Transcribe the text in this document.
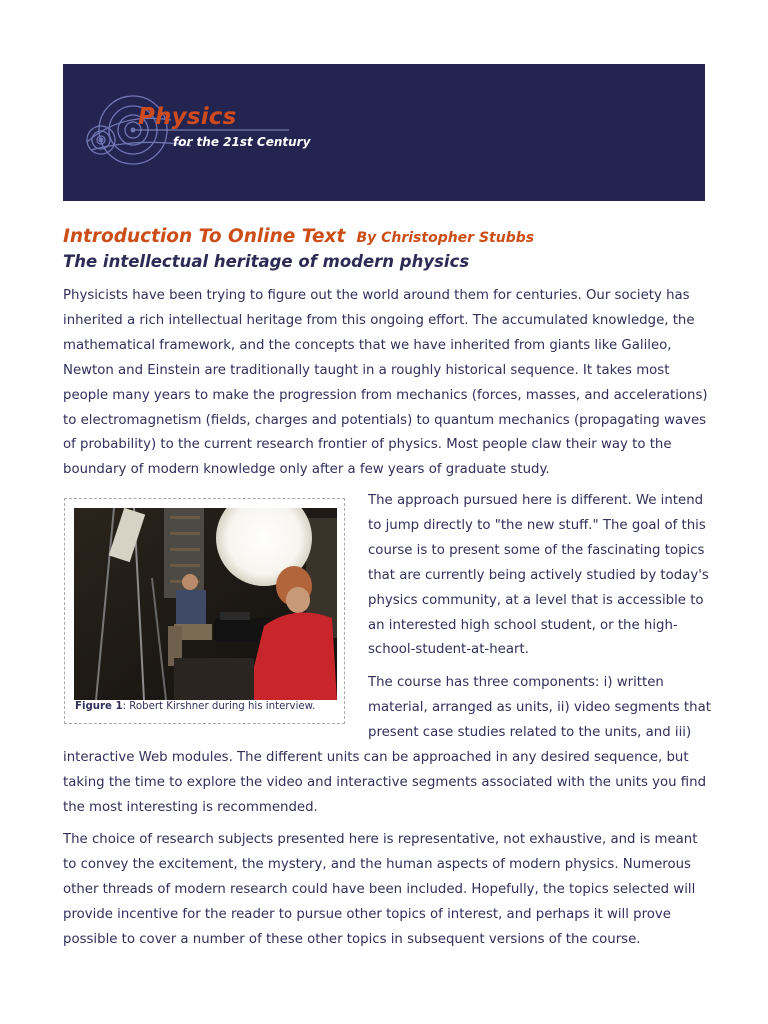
Physics
for the 21st Century
Introduction To Online Text By Christopher Stubbs
The intellectual heritage of modern physics

Physicists have been trying to figure out the world around them for centuries. Our society has inherited a rich intellectual heritage from this ongoing effort. The accumulated knowledge, the mathematical framework, and the concepts that we have inherited from giants like Galileo, Newton and Einstein are traditionally taught in a roughly historical sequence. It takes most people many years to make the progression from mechanics (forces, masses, and accelerations) to electromagnetism (fields, charges and potentials) to quantum mechanics (propagating waves of probability) to the current research frontier of physics. Most people claw their way to the boundary of modern knowledge only after a few years of graduate study.

Figure 1: Robert Kirshner during his interview.

The approach pursued here is different. We intend to jump directly to "the new stuff." The goal of this course is to present some of the fascinating topics that are currently being actively studied by today's physics community, at a level that is accessible to an interested high school student, or the high-school-student-at-heart.

The course has three components: i) written material, arranged as units, ii) video segments that present case studies related to the units, and iii) interactive Web modules. The different units can be approached in any desired sequence, but taking the time to explore the video and interactive segments associated with the units you find the most interesting is recommended.

The choice of research subjects presented here is representative, not exhaustive, and is meant to convey the excitement, the mystery, and the human aspects of modern physics. Numerous other threads of modern research could have been included. Hopefully, the topics selected will provide incentive for the reader to pursue other topics of interest, and perhaps it will prove possible to cover a number of these other topics in subsequent versions of the course.
